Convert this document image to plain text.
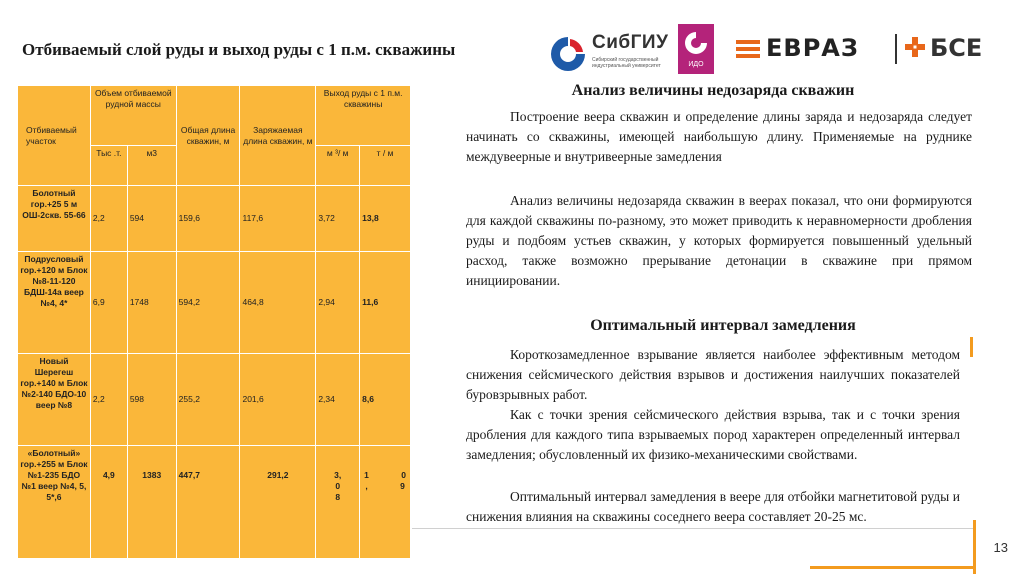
Отбиваемый слой руды и выход руды с 1 п.м. скважины	СибГИУ
Сибирский государственный индустриальный университет	ИДО
ЕВРАЗ	БСЕ
Отбиваемый участок	Объем отбиваемой рудной массы		Общая длина скважин, м	Заряжаемая длина скважин, м	Выход руды с 1 п.м. скважины	
	Тыс .т.	м3			м ³/ м	т / м
Болотный гор.+25 5 м ОШ-2скв. 55-66	2,2	594	159,6	117,6	3,72	13,8
Подрусловый гор.+120 м Блок №8-11-120 БДШ-14а веер №4, 4*	6,9	1748	594,2	464,8	2,94	11,6
Новый Шерегеш гор.+140 м Блок №2-140 БДО-10 веер №8	2,2	598	255,2	201,6	2,34	8,6
«Болотный» гор.+255 м Блок №1-235 БДО №1 веер №4, 5, 5*,6	4,9	1383	447,7	291,2	3, 0 8	1 0 , 9
Анализ величины недозаряда скважин
Построение веера скважин и определение длины заряда и недозаряда следует начинать со скважины, имеющей наибольшую длину. Применяемые на руднике междувеерные и внутривеерные замедления
Анализ величины недозаряда скважин в веерах показал, что они формируются для каждой скважины по-разному, это может приводить к неравномерности дробления руды и подбоям устьев скважин, у которых формируется повышенный удельный расход, также возможно прерывание детонации в скважине при прямом инициировании.
Оптимальный интервал замедления
Короткозамедленное взрывание является наиболее эффективным методом снижения сейсмического действия взрывов и достижения наилучших показателей буровзрывных работ.
Как с точки зрения сейсмического действия взрыва, так и с точки зрения дробления для каждого типа взрываемых пород характерен определенный интервал замедления; обусловленный их физико-механическими свойствами.
Оптимальный интервал замедления в веере для отбойки магнетитовой руды и снижения влияния на скважины соседнего веера составляет 20-25 мс.
13
